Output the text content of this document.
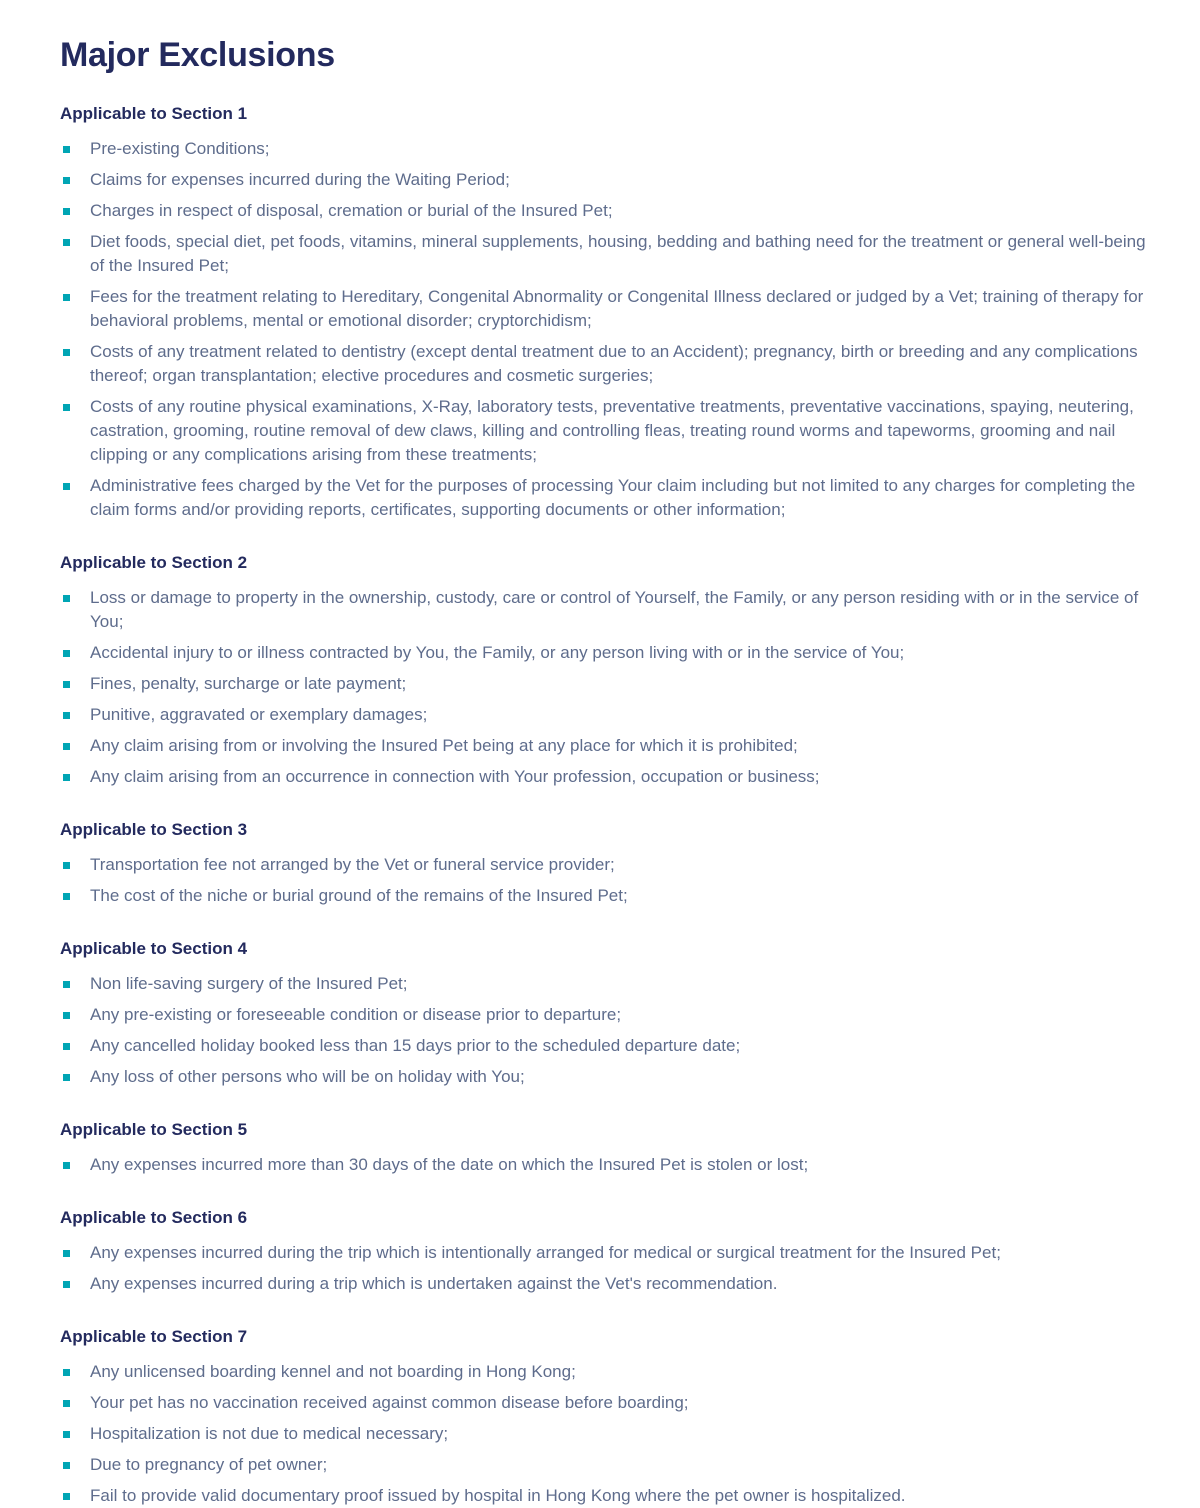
Major Exclusions
Applicable to Section 1
Pre-existing Conditions;
Claims for expenses incurred during the Waiting Period;
Charges in respect of disposal, cremation or burial of the Insured Pet;
Diet foods, special diet, pet foods, vitamins, mineral supplements, housing, bedding and bathing need for the treatment or general well-being of the Insured Pet;
Fees for the treatment relating to Hereditary, Congenital Abnormality or Congenital Illness declared or judged by a Vet; training of therapy for behavioral problems, mental or emotional disorder; cryptorchidism;
Costs of any treatment related to dentistry (except dental treatment due to an Accident); pregnancy, birth or breeding and any complications thereof; organ transplantation; elective procedures and cosmetic surgeries;
Costs of any routine physical examinations, X-Ray, laboratory tests, preventative treatments, preventative vaccinations, spaying, neutering, castration, grooming, routine removal of dew claws, killing and controlling fleas, treating round worms and tapeworms, grooming and nail clipping or any complications arising from these treatments;
Administrative fees charged by the Vet for the purposes of processing Your claim including but not limited to any charges for completing the claim forms and/or providing reports, certificates, supporting documents or other information;
Applicable to Section 2
Loss or damage to property in the ownership, custody, care or control of Yourself, the Family, or any person residing with or in the service of You;
Accidental injury to or illness contracted by You, the Family, or any person living with or in the service of You;
Fines, penalty, surcharge or late payment;
Punitive, aggravated or exemplary damages;
Any claim arising from or involving the Insured Pet being at any place for which it is prohibited;
Any claim arising from an occurrence in connection with Your profession, occupation or business;
Applicable to Section 3
Transportation fee not arranged by the Vet or funeral service provider;
The cost of the niche or burial ground of the remains of the Insured Pet;
Applicable to Section 4
Non life-saving surgery of the Insured Pet;
Any pre-existing or foreseeable condition or disease prior to departure;
Any cancelled holiday booked less than 15 days prior to the scheduled departure date;
Any loss of other persons who will be on holiday with You;
Applicable to Section 5
Any expenses incurred more than 30 days of the date on which the Insured Pet is stolen or lost;
Applicable to Section 6
Any expenses incurred during the trip which is intentionally arranged for medical or surgical treatment for the Insured Pet;
Any expenses incurred during a trip which is undertaken against the Vet's recommendation.
Applicable to Section 7
Any unlicensed boarding kennel and not boarding in Hong Kong;
Your pet has no vaccination received against common disease before boarding;
Hospitalization is not due to medical necessary;
Due to pregnancy of pet owner;
Fail to provide valid documentary proof issued by hospital in Hong Kong where the pet owner is hospitalized.
